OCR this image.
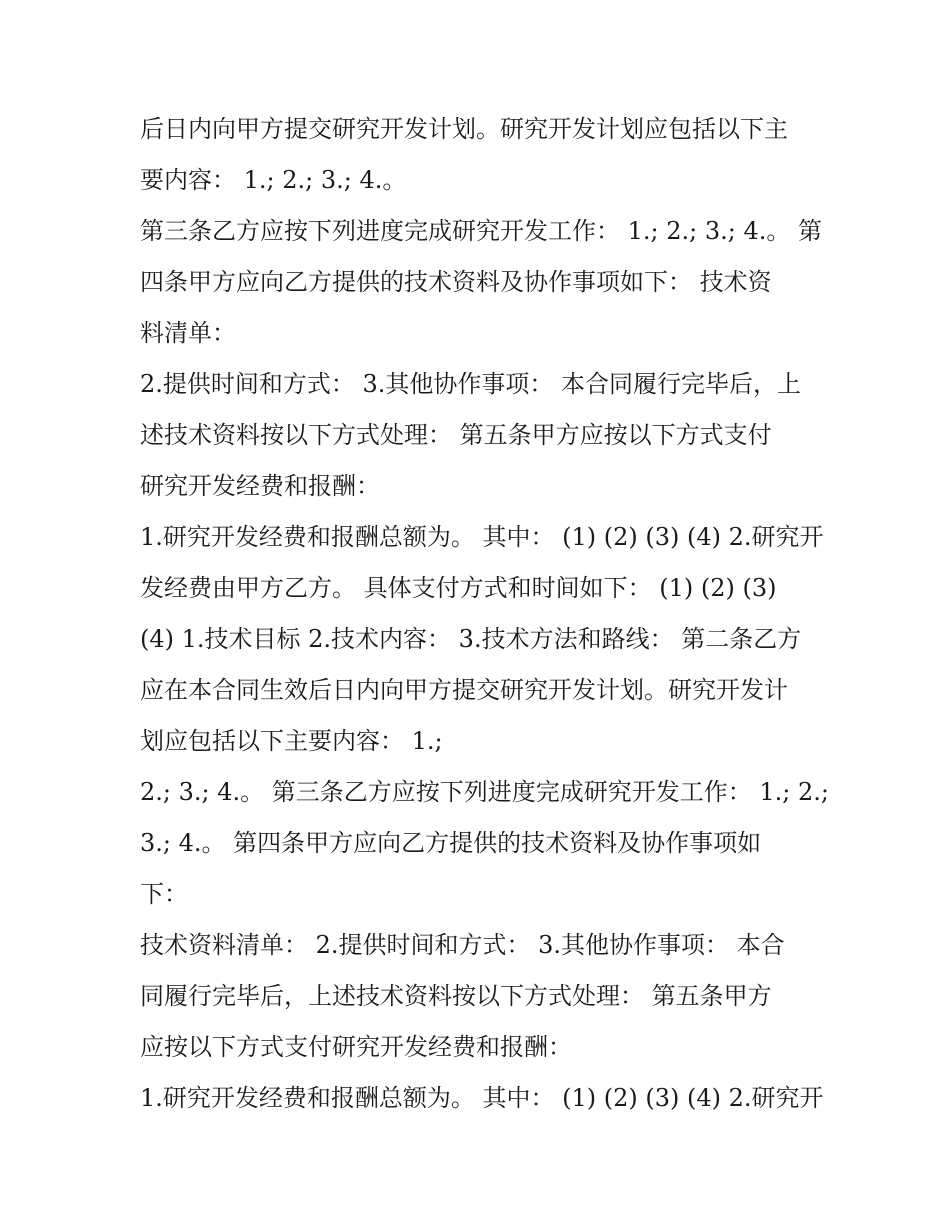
后日内向甲方提交研究开发计划。研究开发计划应包括以下主
要内容： 1.; 2.; 3.; 4.。
第三条乙方应按下列进度完成研究开发工作： 1.; 2.; 3.; 4.。 第
四条甲方应向乙方提供的技术资料及协作事项如下： 技术资
料清单：
2.提供时间和方式： 3.其他协作事项： 本合同履行完毕后，上
述技术资料按以下方式处理： 第五条甲方应按以下方式支付
研究开发经费和报酬：
1.研究开发经费和报酬总额为。 其中： (1) (2) (3) (4) 2.研究开
发经费由甲方乙方。 具体支付方式和时间如下： (1) (2) (3)
(4) 1.技术目标 2.技术内容： 3.技术方法和路线： 第二条乙方
应在本合同生效后日内向甲方提交研究开发计划。研究开发计
划应包括以下主要内容： 1.;
2.; 3.; 4.。 第三条乙方应按下列进度完成研究开发工作： 1.; 2.;
3.; 4.。 第四条甲方应向乙方提供的技术资料及协作事项如
下：
技术资料清单： 2.提供时间和方式： 3.其他协作事项： 本合
同履行完毕后，上述技术资料按以下方式处理： 第五条甲方
应按以下方式支付研究开发经费和报酬：
1.研究开发经费和报酬总额为。 其中： (1) (2) (3) (4) 2.研究开
